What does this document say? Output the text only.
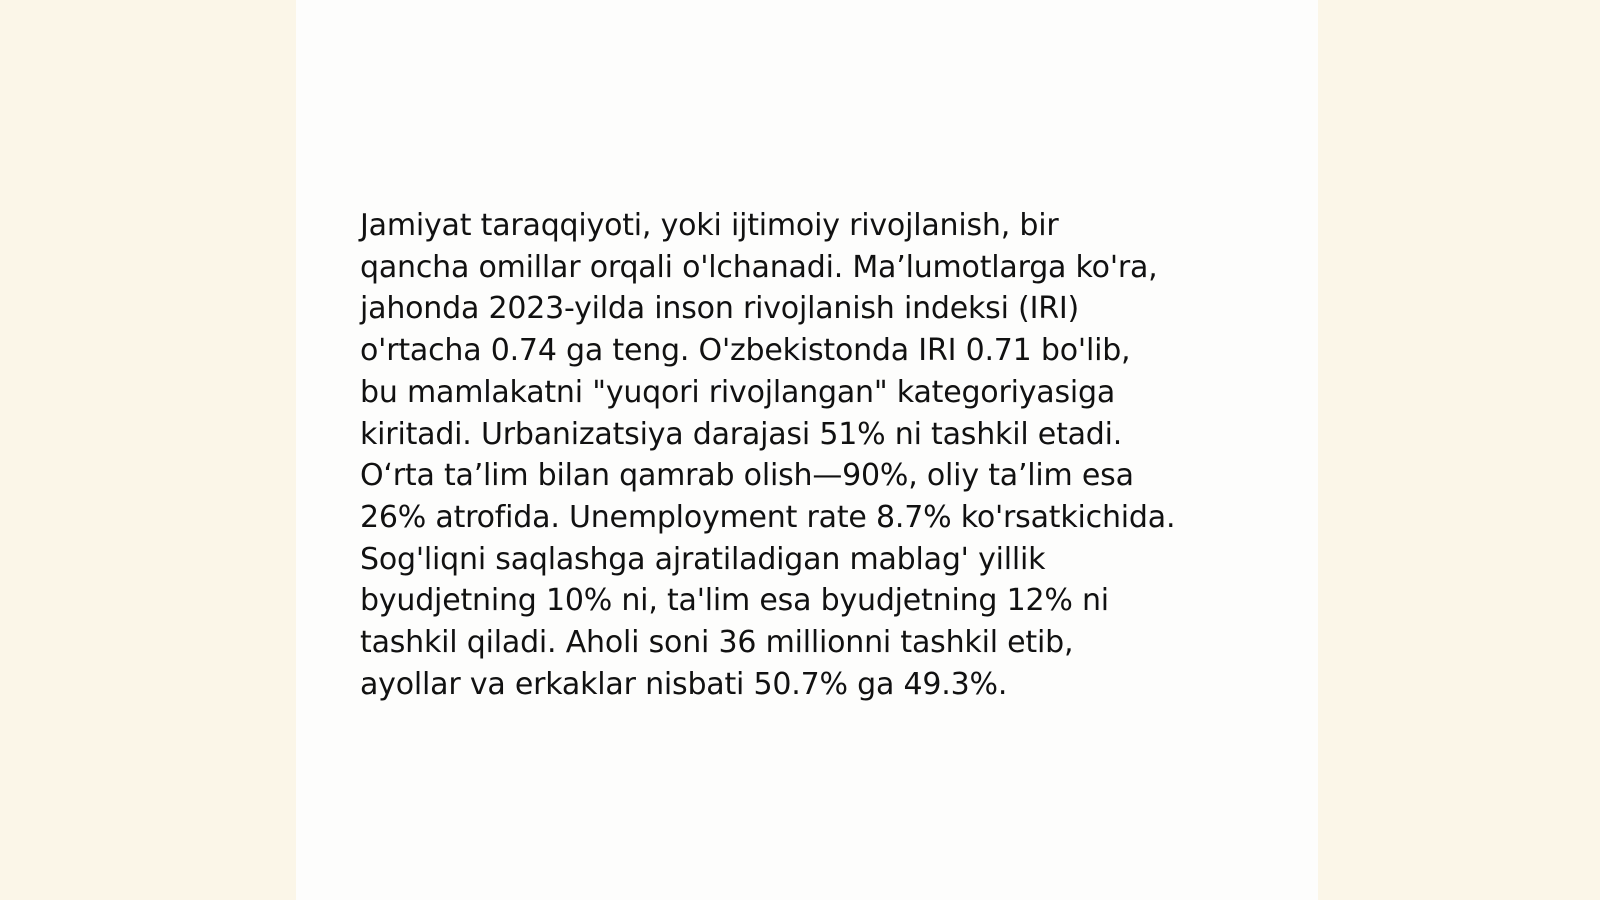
Jamiyat taraqqiyoti, yoki ijtimoiy rivojlanish, bir
qancha omillar orqali o'lchanadi. Ma’lumotlarga ko'ra,
jahonda 2023-yilda inson rivojlanish indeksi (IRI)
o'rtacha 0.74 ga teng. O'zbekistonda IRI 0.71 bo'lib,
bu mamlakatni "yuqori rivojlangan" kategoriyasiga
kiritadi. Urbanizatsiya darajasi 51% ni tashkil etadi.
O‘rta ta’lim bilan qamrab olish—90%, oliy ta’lim esa
26% atrofida. Unemployment rate 8.7% ko'rsatkichida.
Sog'liqni saqlashga ajratiladigan mablag' yillik
byudjetning 10% ni, ta'lim esa byudjetning 12% ni
tashkil qiladi. Aholi soni 36 millionni tashkil etib,
ayollar va erkaklar nisbati 50.7% ga 49.3%.
